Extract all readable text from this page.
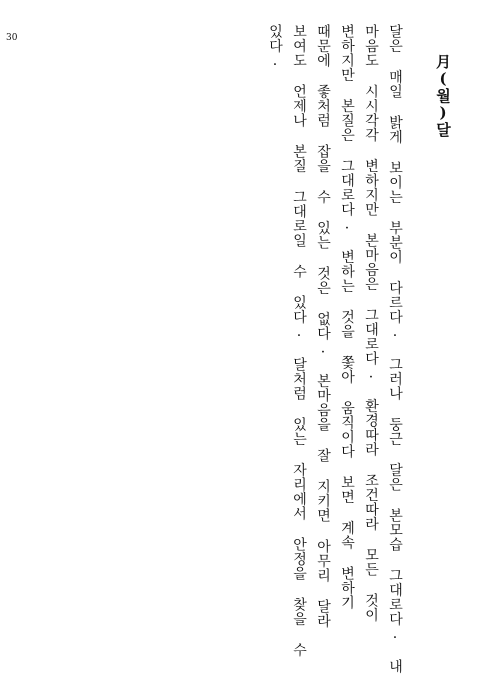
30
月(월)달
달은 매일 밝게 보이는 부분이 다르다. 그러나 둥근 달은 본모습 그대로다. 내
마음도 시시각각 변하지만 본마음은 그대로다. 환경따라 조건따라 모든 것이
변하지만 본질은 그대로다. 변하는 것을 쫓아 움직이다 보면 계속 변하기
때문에 좋처럼 잡을 수 있는 것은 없다. 본마음을 잘 지키면 아무리 달라
보여도 언제나 본질 그대로일 수 있다. 달처럼 있는 자리에서 안정을 찾을 수
있다.
